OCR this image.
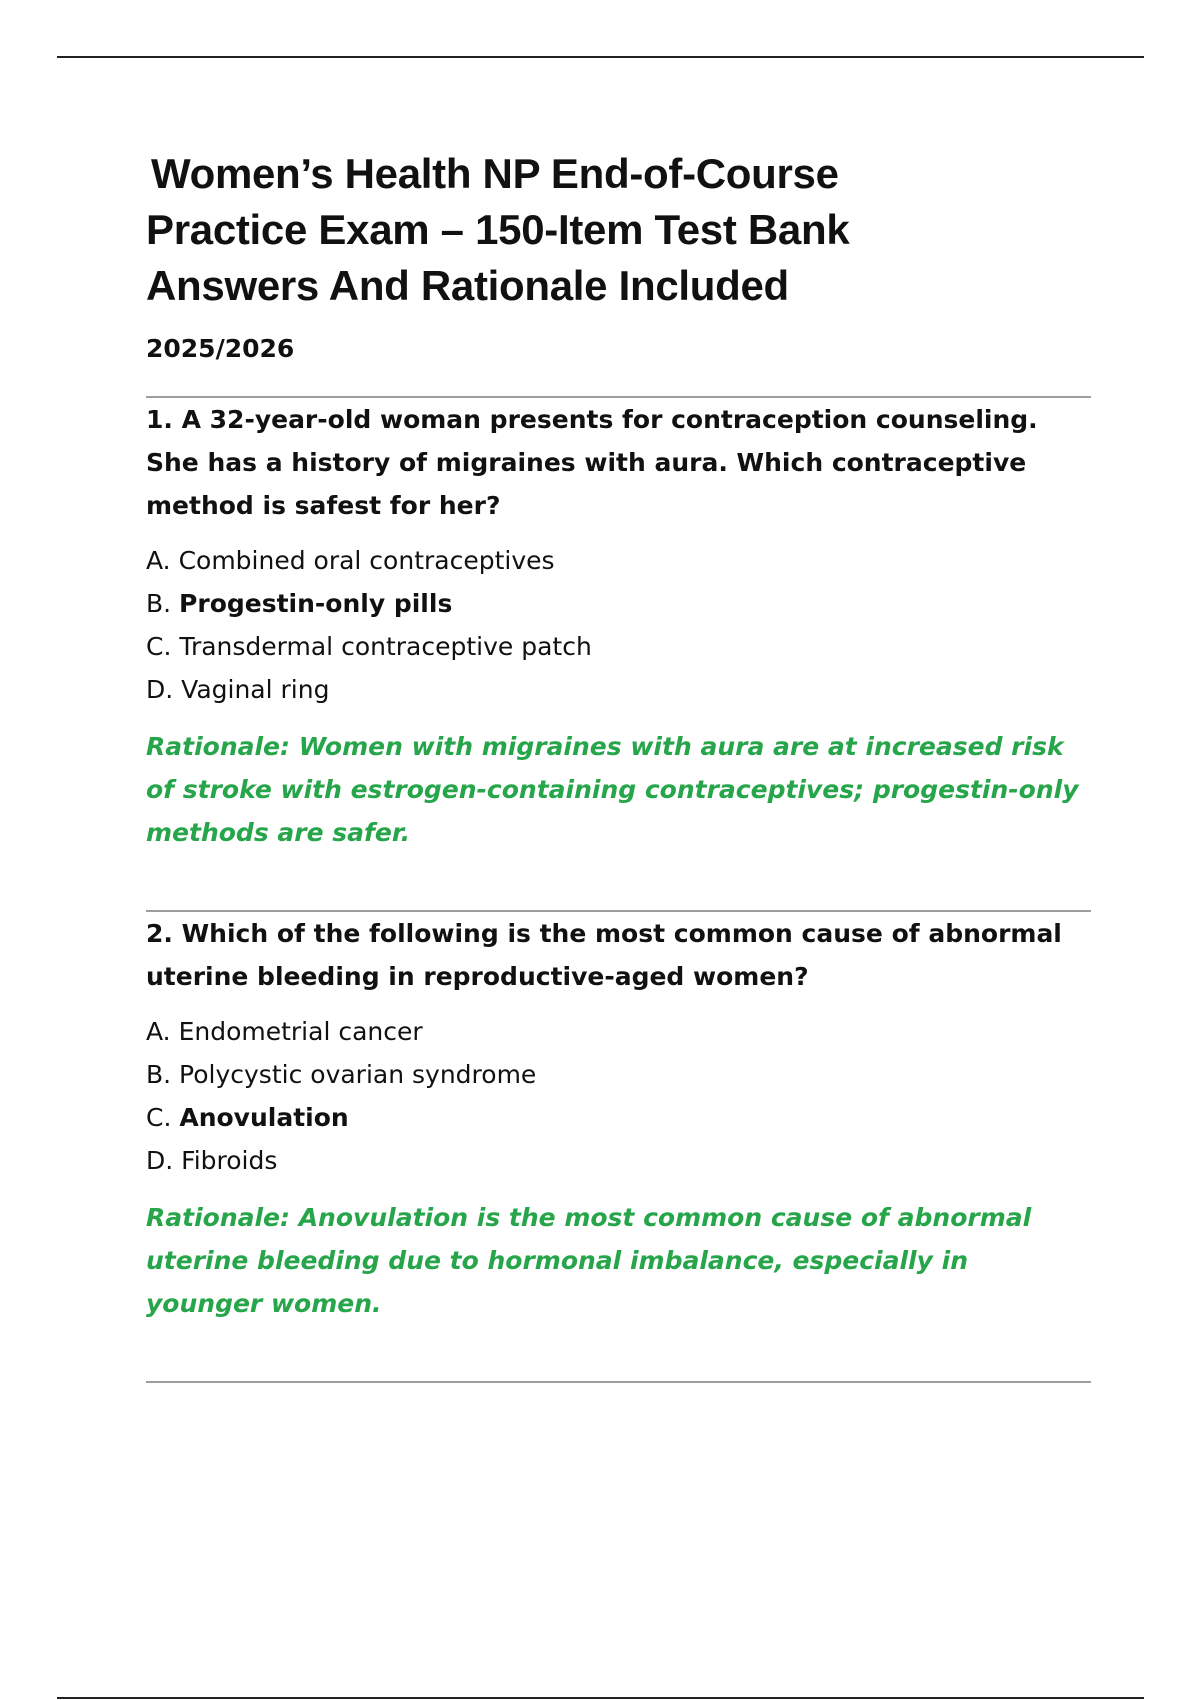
Women’s Health NP End-of-Course
Practice Exam – 150-Item Test Bank
Answers And Rationale Included
2025/2026

1. A 32-year-old woman presents for contraception counseling. She has a history of migraines with aura. Which contraceptive method is safest for her?

A. Combined oral contraceptives
B. Progestin-only pills
C. Transdermal contraceptive patch
D. Vaginal ring
Rationale: Women with migraines with aura are at increased risk of stroke with estrogen-containing contraceptives; progestin-only methods are safer.

2. Which of the following is the most common cause of abnormal uterine bleeding in reproductive-aged women?

A. Endometrial cancer
B. Polycystic ovarian syndrome
C. Anovulation
D. Fibroids
Rationale: Anovulation is the most common cause of abnormal uterine bleeding due to hormonal imbalance, especially in younger women.
